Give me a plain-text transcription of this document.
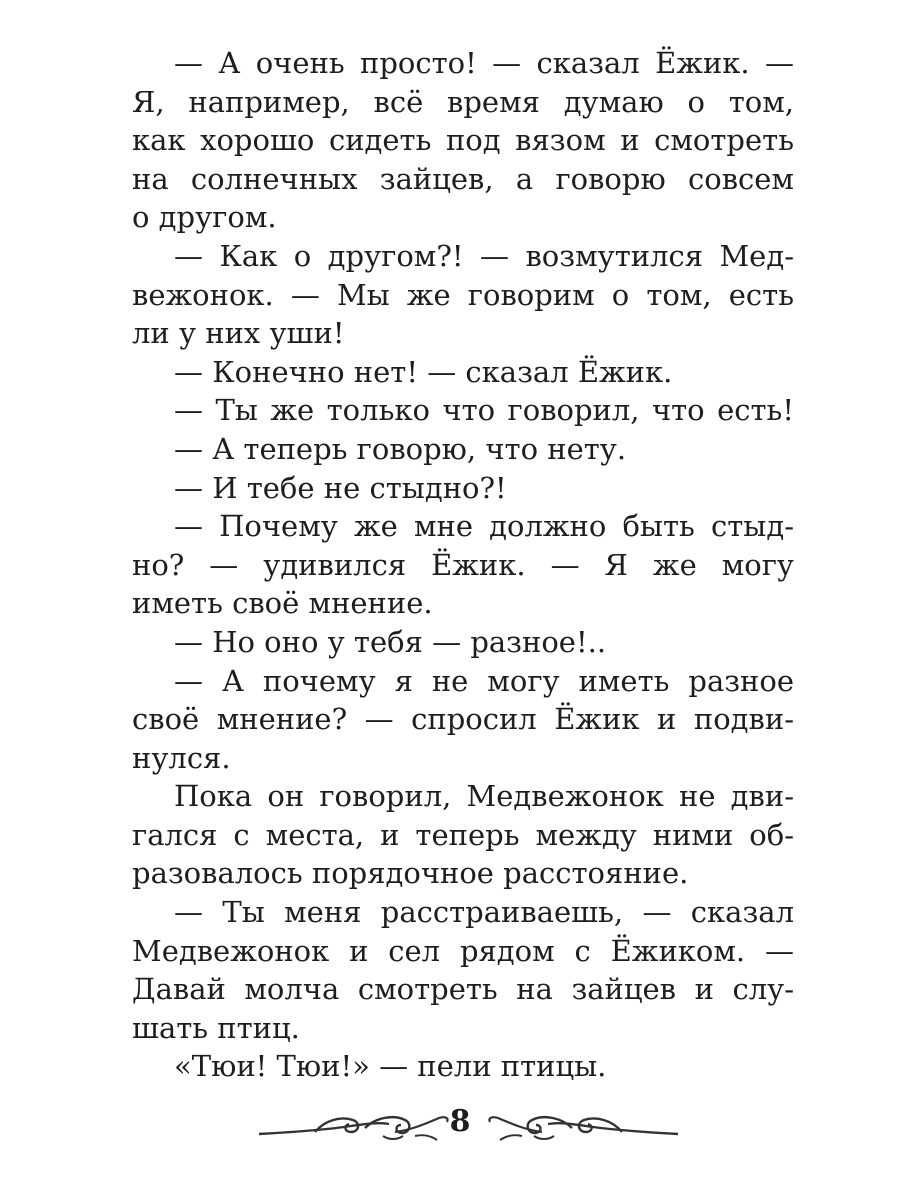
— А очень просто! — сказал Ёжик. —
Я, например, всё время думаю о том,
как хорошо сидеть под вязом и смотреть
на солнечных зайцев, а говорю совсем
о другом.
— Как о другом?! — возмутился Мед-
вежонок. — Мы же говорим о том, есть
ли у них уши!
— Конечно нет! — сказал Ёжик.
— Ты же только что говорил, что есть!
— А теперь говорю, что нету.
— И тебе не стыдно?!
— Почему же мне должно быть стыд-
но? — удивился Ёжик. — Я же могу
иметь своё мнение.
— Но оно у тебя — разное!..
— А почему я не могу иметь разное
своё мнение? — спросил Ёжик и подви-
нулся.
Пока он говорил, Медвежонок не дви-
гался с места, и теперь между ними об-
разовалось порядочное расстояние.
— Ты меня расстраиваешь, — сказал
Медвежонок и сел рядом с Ёжиком. —
Давай молча смотреть на зайцев и слу-
шать птиц.
«Тюи! Тюи!» — пели птицы.
8
